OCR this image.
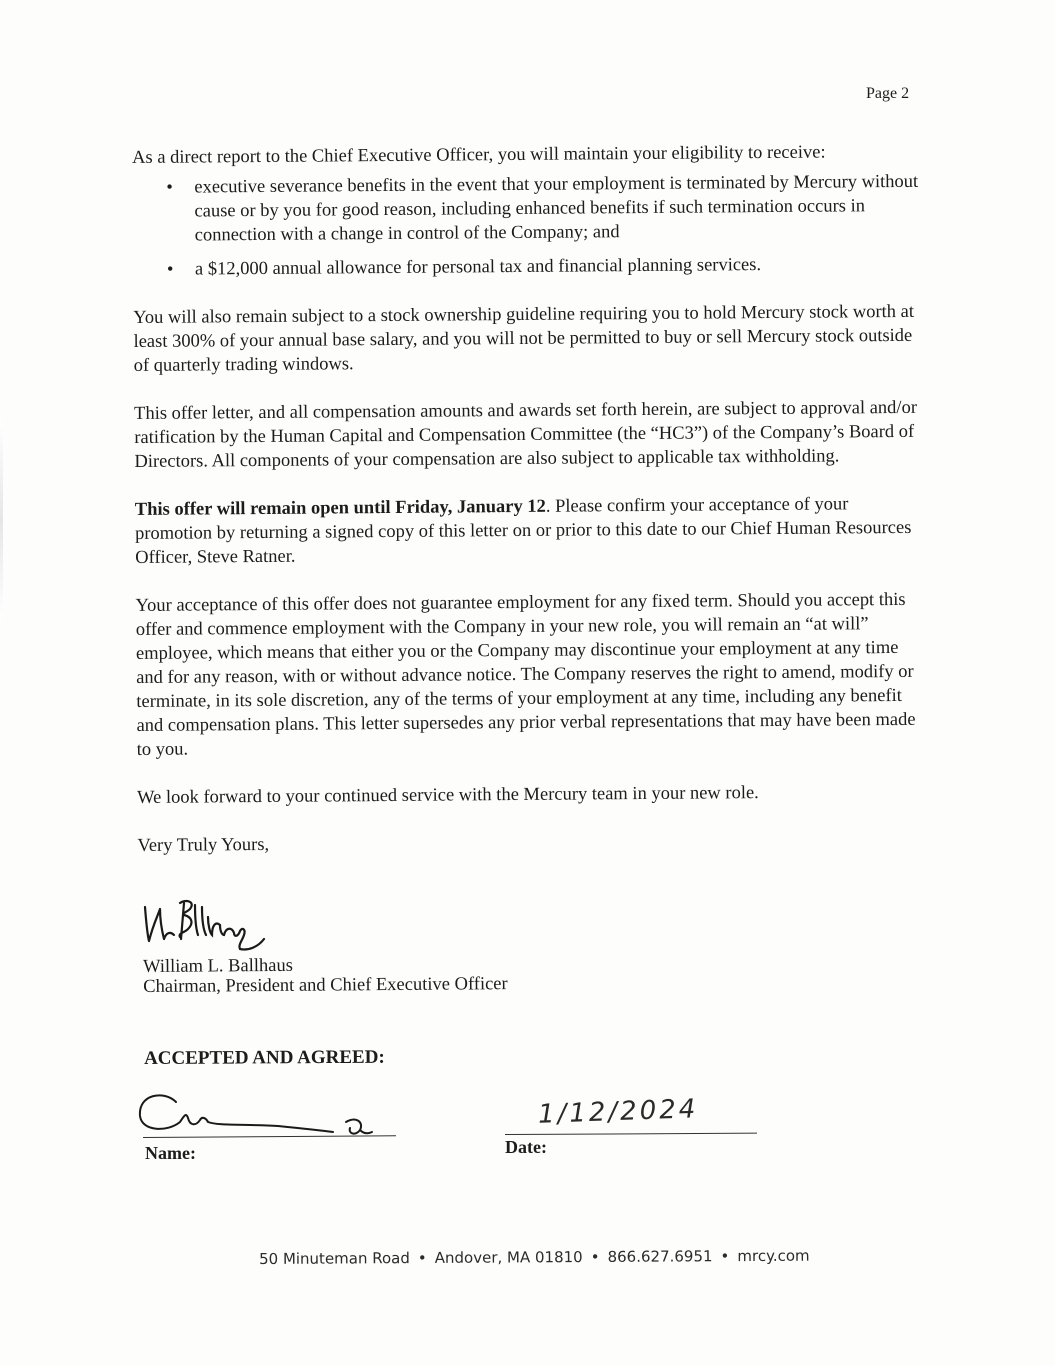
Page 2

As a direct report to the Chief Executive Officer, you will maintain your eligibility to receive:

• executive severance benefits in the event that your employment is terminated by Mercury without cause or by you for good reason, including enhanced benefits if such termination occurs in connection with a change in control of the Company; and
• a $12,000 annual allowance for personal tax and financial planning services.

You will also remain subject to a stock ownership guideline requiring you to hold Mercury stock worth at least 300% of your annual base salary, and you will not be permitted to buy or sell Mercury stock outside of quarterly trading windows.

This offer letter, and all compensation amounts and awards set forth herein, are subject to approval and/or ratification by the Human Capital and Compensation Committee (the “HC3”) of the Company’s Board of Directors. All components of your compensation are also subject to applicable tax withholding.

This offer will remain open until Friday, January 12. Please confirm your acceptance of your promotion by returning a signed copy of this letter on or prior to this date to our Chief Human Resources Officer, Steve Ratner.

Your acceptance of this offer does not guarantee employment for any fixed term. Should you accept this offer and commence employment with the Company in your new role, you will remain an “at will” employee, which means that either you or the Company may discontinue your employment at any time and for any reason, with or without advance notice. The Company reserves the right to amend, modify or terminate, in its sole discretion, any of the terms of your employment at any time, including any benefit and compensation plans. This letter supersedes any prior verbal representations that may have been made to you.

We look forward to your continued service with the Mercury team in your new role.

Very Truly Yours,

William L. Ballhaus
Chairman, President and Chief Executive Officer
ACCEPTED AND AGREED:
Name:
1/12/2024
Date:
50 Minuteman Road • Andover, MA 01810 • 866.627.6951 • mrcy.com
